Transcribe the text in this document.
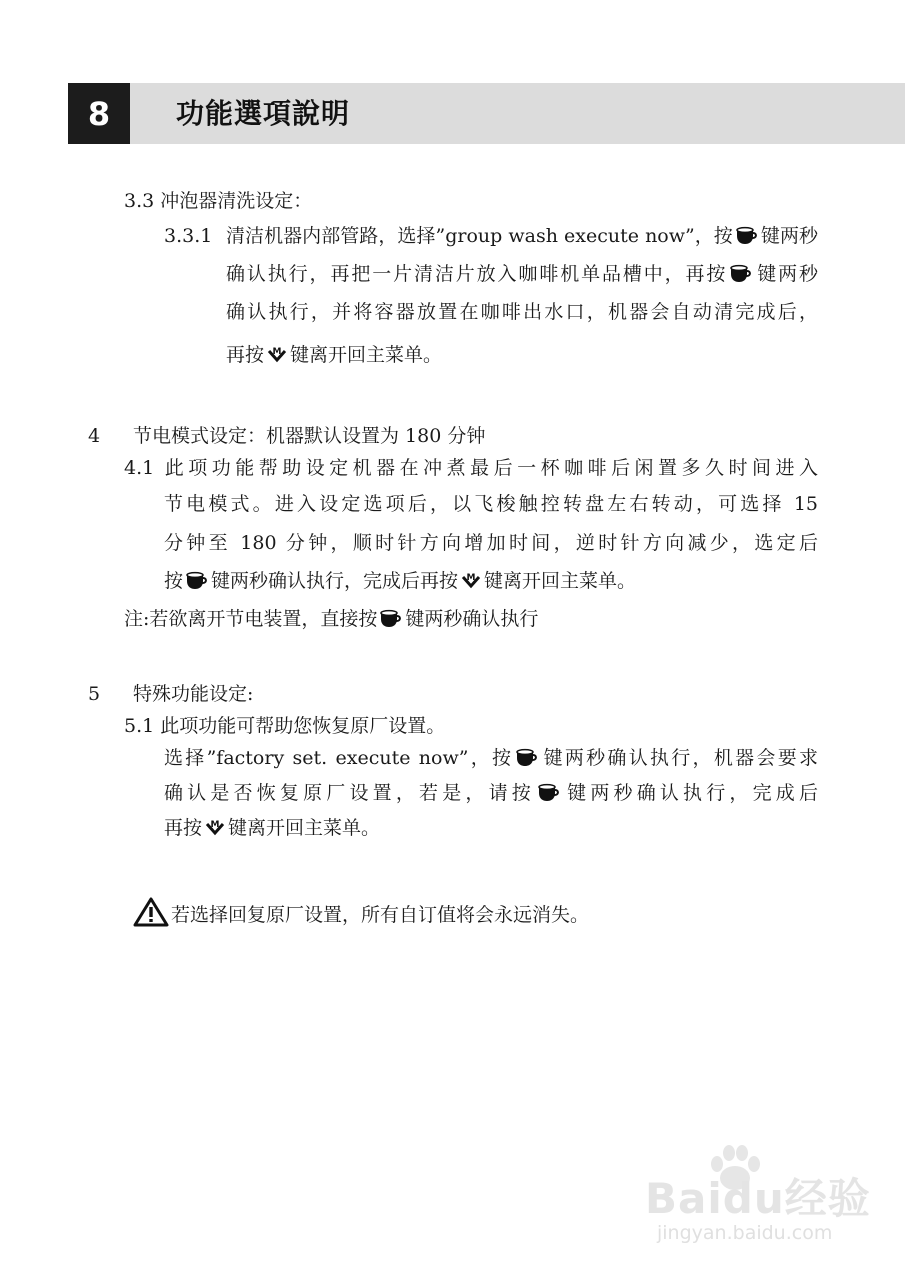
8	功能選項說明
3.3 冲泡器清洗设定：
3.3.1 清洁机器内部管路，选择”group wash execute now”，按 键两秒
确认执行，再把一片清洁片放入咖啡机单品槽中，再按 键两秒
确认执行，并将容器放置在咖啡出水口，机器会自动清完成后，
再按 M 键离开回主菜单。
4 节电模式设定：机器默认设置为 180 分钟
4.1 此项功能帮助设定机器在冲煮最后一杯咖啡后闲置多久时间进入
节电模式。进入设定选项后，以飞梭触控转盘左右转动，可选择 15
分钟至 180 分钟，顺时针方向增加时间，逆时针方向减少，选定后
按 键两秒确认执行，完成后再按 M 键离开回主菜单。
注:若欲离开节电装置，直接按 键两秒确认执行
5 特殊功能设定:
5.1 此项功能可帮助您恢复原厂设置。
选择”factory set. execute now”，按 键两秒确认执行，机器会要求
确认是否恢复原厂设置，若是，请按 键两秒确认执行，完成后
再按 M 键离开回主菜单。
若选择回复原厂设置，所有自订值将会永远消失。
Baidu经验
jingyan.baidu.com
